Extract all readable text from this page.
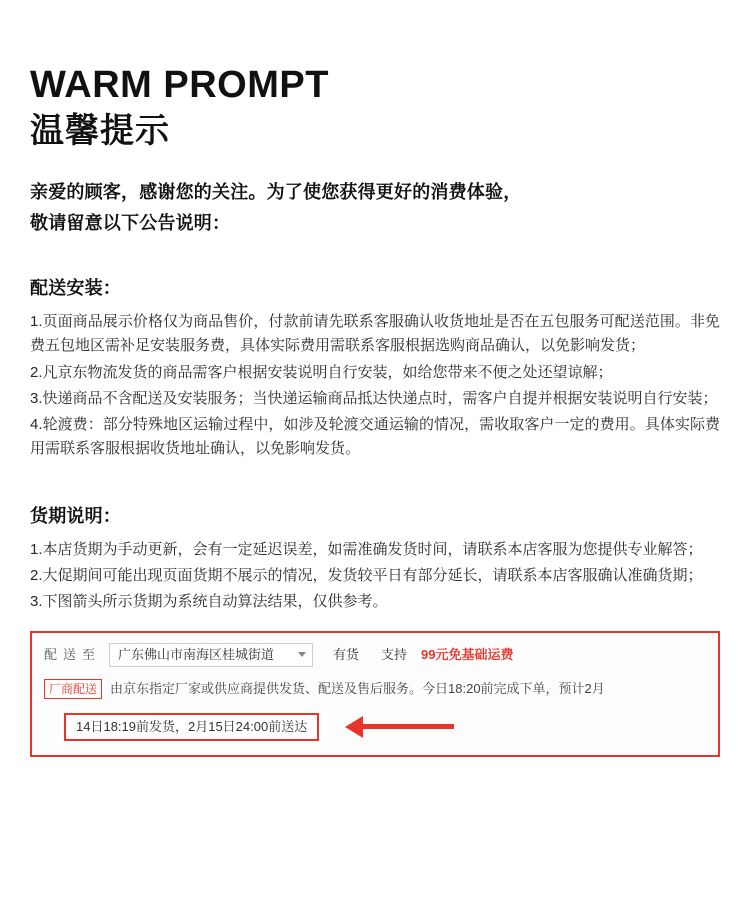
WARM PROMPT
温馨提示

亲爱的顾客，感谢您的关注。为了使您获得更好的消费体验，

敬请留意以下公告说明：

配送安装：

1.页面商品展示价格仅为商品售价，付款前请先联系客服确认收货地址是否在五包服务可配送范围。非免费五包地区需补足安装服务费，具体实际费用需联系客服根据选购商品确认，以免影响发货；

2.凡京东物流发货的商品需客户根据安装说明自行安装，如给您带来不便之处还望谅解；

3.快递商品不含配送及安装服务；当快递运输商品抵达快递点时，需客户自提并根据安装说明自行安装；

4.轮渡费：部分特殊地区运输过程中，如涉及轮渡交通运输的情况，需收取客户一定的费用。具体实际费用需联系客服根据收货地址确认，以免影响发货。

货期说明：

1.本店货期为手动更新，会有一定延迟误差，如需准确发货时间，请联系本店客服为您提供专业解答；

2.大促期间可能出现页面货期不展示的情况，发货较平日有部分延长，请联系本店客服确认准确货期；

3.下图箭头所示货期为系统自动算法结果，仅供参考。

配送至 广东佛山市南海区桂城街道	有货 支持 99元免基础运费
厂商配送	由京东指定厂家或供应商提供发货、配送及售后服务。今日18:20前完成下单，预计2月
14日18:19前发货，2月15日24:00前送达
